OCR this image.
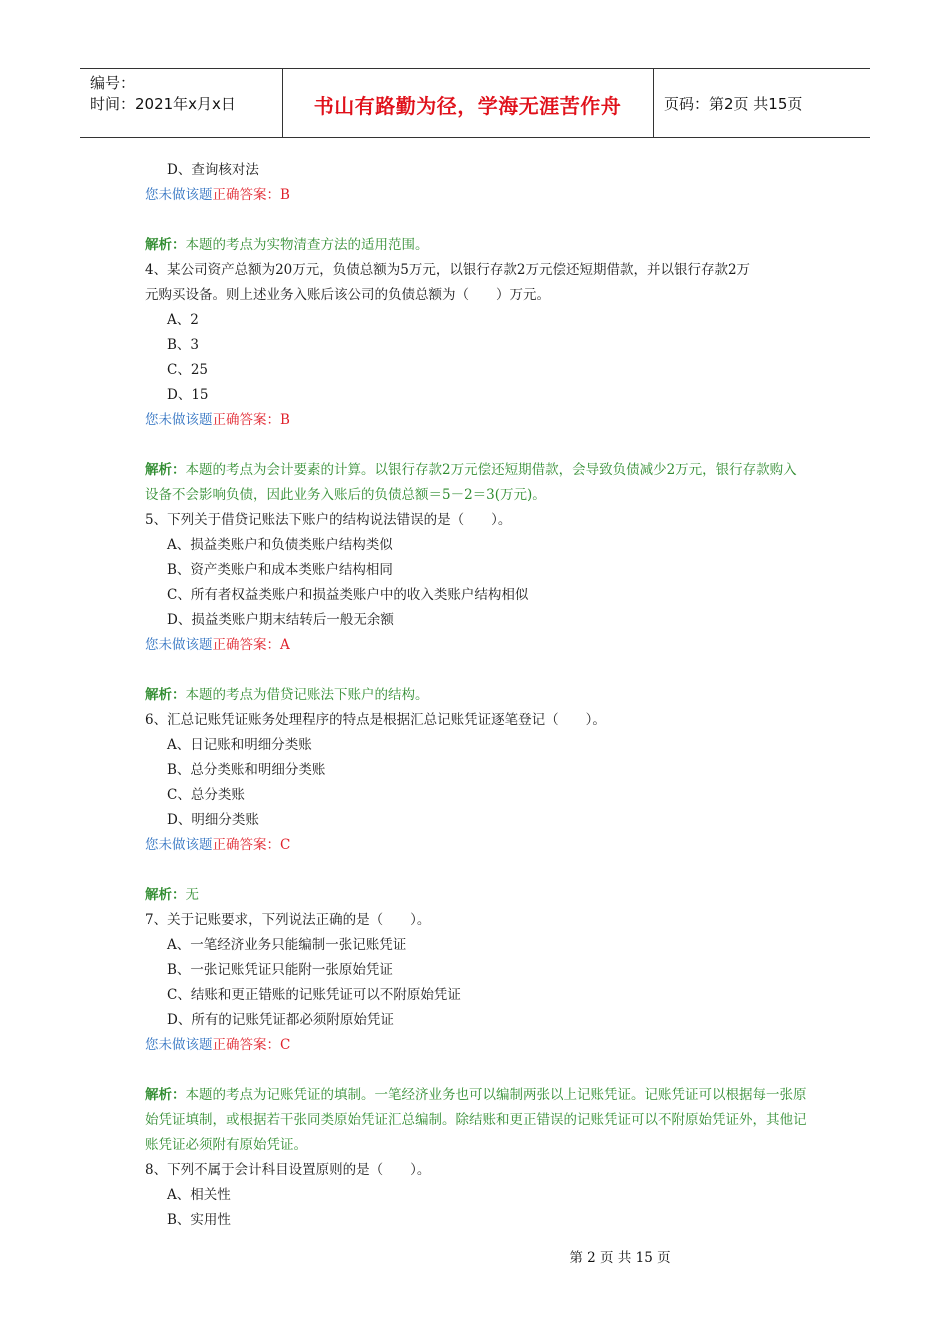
编号：
时间：2021年x月x日	书山有路勤为径，学海无涯苦作舟	页码：第2页 共15页
D、查询核对法
您未做该题正确答案：B
解析：本题的考点为实物清查方法的适用范围。
4、某公司资产总额为20万元，负债总额为5万元，以银行存款2万元偿还短期借款，并以银行存款2万
元购买设备。则上述业务入账后该公司的负债总额为（　　）万元。
A、2
B、3
C、25
D、15
您未做该题正确答案：B
解析：本题的考点为会计要素的计算。以银行存款2万元偿还短期借款，会导致负债减少2万元，银行存款购入设备不会影响负债，因此业务入账后的负债总额＝5－2＝3(万元)。
5、下列关于借贷记账法下账户的结构说法错误的是（　　）。
A、损益类账户和负债类账户结构类似
B、资产类账户和成本类账户结构相同
C、所有者权益类账户和损益类账户中的收入类账户结构相似
D、损益类账户期末结转后一般无余额
您未做该题正确答案：A
解析：本题的考点为借贷记账法下账户的结构。
6、汇总记账凭证账务处理程序的特点是根据汇总记账凭证逐笔登记（　　）。
A、日记账和明细分类账
B、总分类账和明细分类账
C、总分类账
D、明细分类账
您未做该题正确答案：C
解析：无
7、关于记账要求，下列说法正确的是（　　）。
A、一笔经济业务只能编制一张记账凭证
B、一张记账凭证只能附一张原始凭证
C、结账和更正错账的记账凭证可以不附原始凭证
D、所有的记账凭证都必须附原始凭证
您未做该题正确答案：C
解析：本题的考点为记账凭证的填制。一笔经济业务也可以编制两张以上记账凭证。记账凭证可以根据每一张原始凭证填制，或根据若干张同类原始凭证汇总编制。除结账和更正错误的记账凭证可以不附原始凭证外，其他记账凭证必须附有原始凭证。
8、下列不属于会计科目设置原则的是（　　）。
A、相关性
B、实用性
第 2 页 共 15 页
